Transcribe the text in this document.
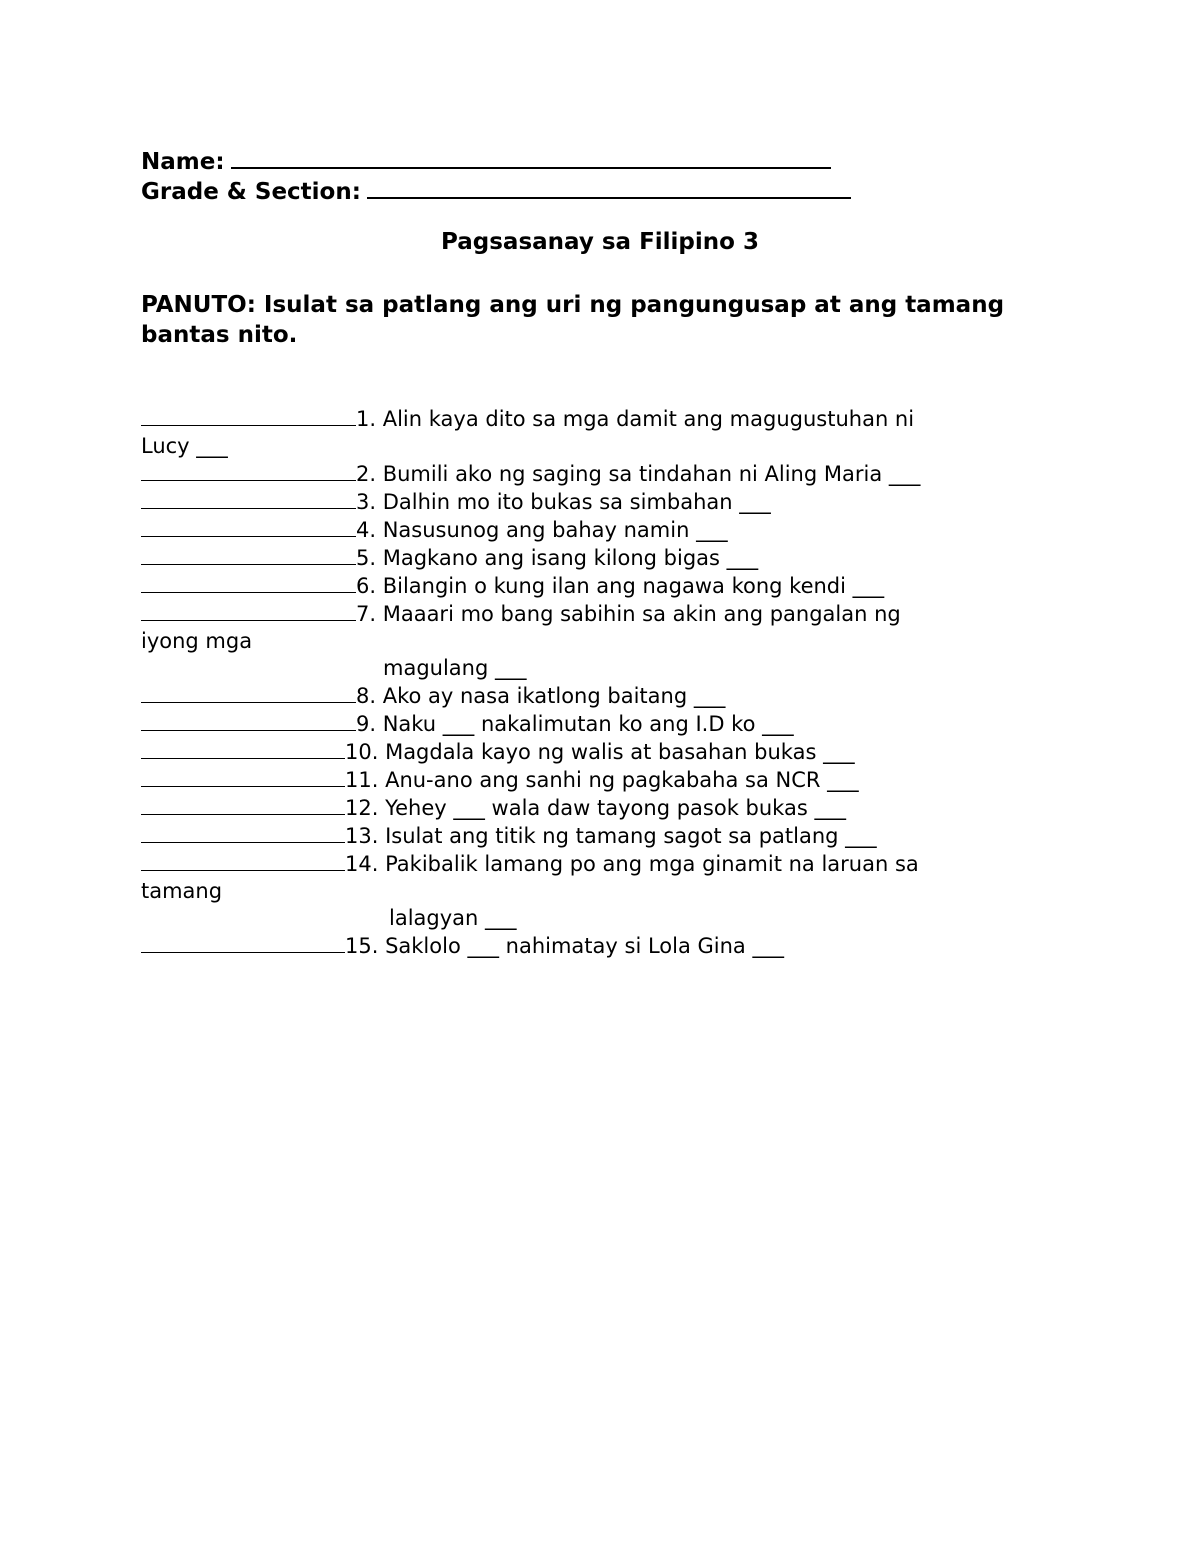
Name:
Grade & Section:
Pagsasanay sa Filipino 3
PANUTO: Isulat sa patlang ang uri ng pangungusap at ang tamang bantas nito.
1. Alin kaya dito sa mga damit ang magugustuhan ni
Lucy ___
2. Bumili ako ng saging sa tindahan ni Aling Maria ___
3. Dalhin mo ito bukas sa simbahan ___
4. Nasusunog ang bahay namin ___
5. Magkano ang isang kilong bigas ___
6. Bilangin o kung ilan ang nagawa kong kendi ___
7. Maaari mo bang sabihin sa akin ang pangalan ng
iyong mga
magulang ___
8. Ako ay nasa ikatlong baitang ___
9. Naku ___ nakalimutan ko ang I.D ko ___
10. Magdala kayo ng walis at basahan bukas ___
11. Anu-ano ang sanhi ng pagkabaha sa NCR ___
12. Yehey ___ wala daw tayong pasok bukas ___
13. Isulat ang titik ng tamang sagot sa patlang ___
14. Pakibalik lamang po ang mga ginamit na laruan sa
tamang
lalagyan ___
15. Saklolo ___ nahimatay si Lola Gina ___
